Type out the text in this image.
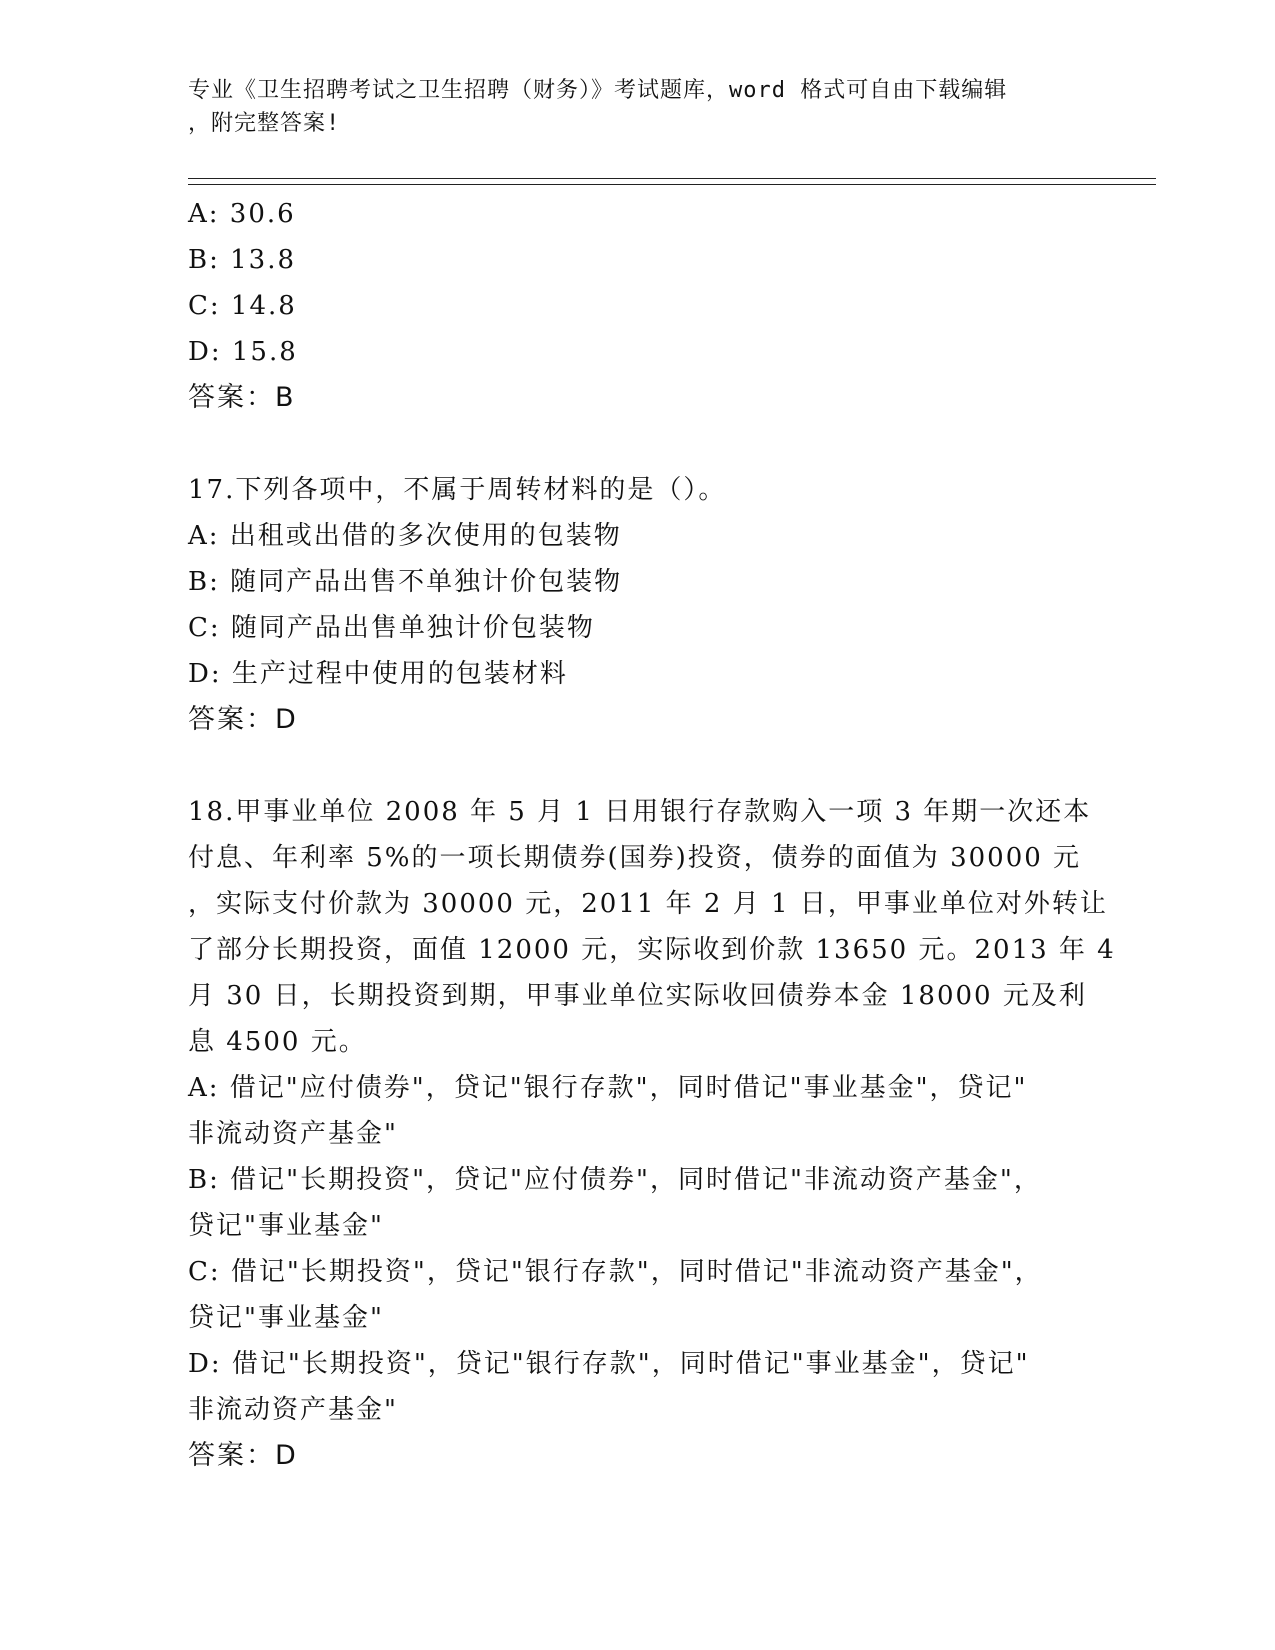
专业《卫生招聘考试之卫生招聘（财务）》考试题库，word 格式可自由下载编辑
，附完整答案!
A: 30.6
B: 13.8
C: 14.8
D: 15.8
答案：B
17.下列各项中，不属于周转材料的是（）。
A: 出租或出借的多次使用的包装物
B: 随同产品出售不单独计价包装物
C: 随同产品出售单独计价包装物
D: 生产过程中使用的包装材料
答案：D
18.甲事业单位 2008 年 5 月 1 日用银行存款购入一项 3 年期一次还本
付息、年利率 5%的一项长期债券(国券)投资，债券的面值为 30000 元
，实际支付价款为 30000 元，2011 年 2 月 1 日，甲事业单位对外转让
了部分长期投资，面值 12000 元，实际收到价款 13650 元。2013 年 4
月 30 日，长期投资到期，甲事业单位实际收回债券本金 18000 元及利
息 4500 元。
A: 借记"应付债券"，贷记"银行存款"，同时借记"事业基金"，贷记"
非流动资产基金"
B: 借记"长期投资"，贷记"应付债券"，同时借记"非流动资产基金"，
贷记"事业基金"
C: 借记"长期投资"，贷记"银行存款"，同时借记"非流动资产基金"，
贷记"事业基金"
D: 借记"长期投资"，贷记"银行存款"，同时借记"事业基金"，贷记"
非流动资产基金"
答案：D
